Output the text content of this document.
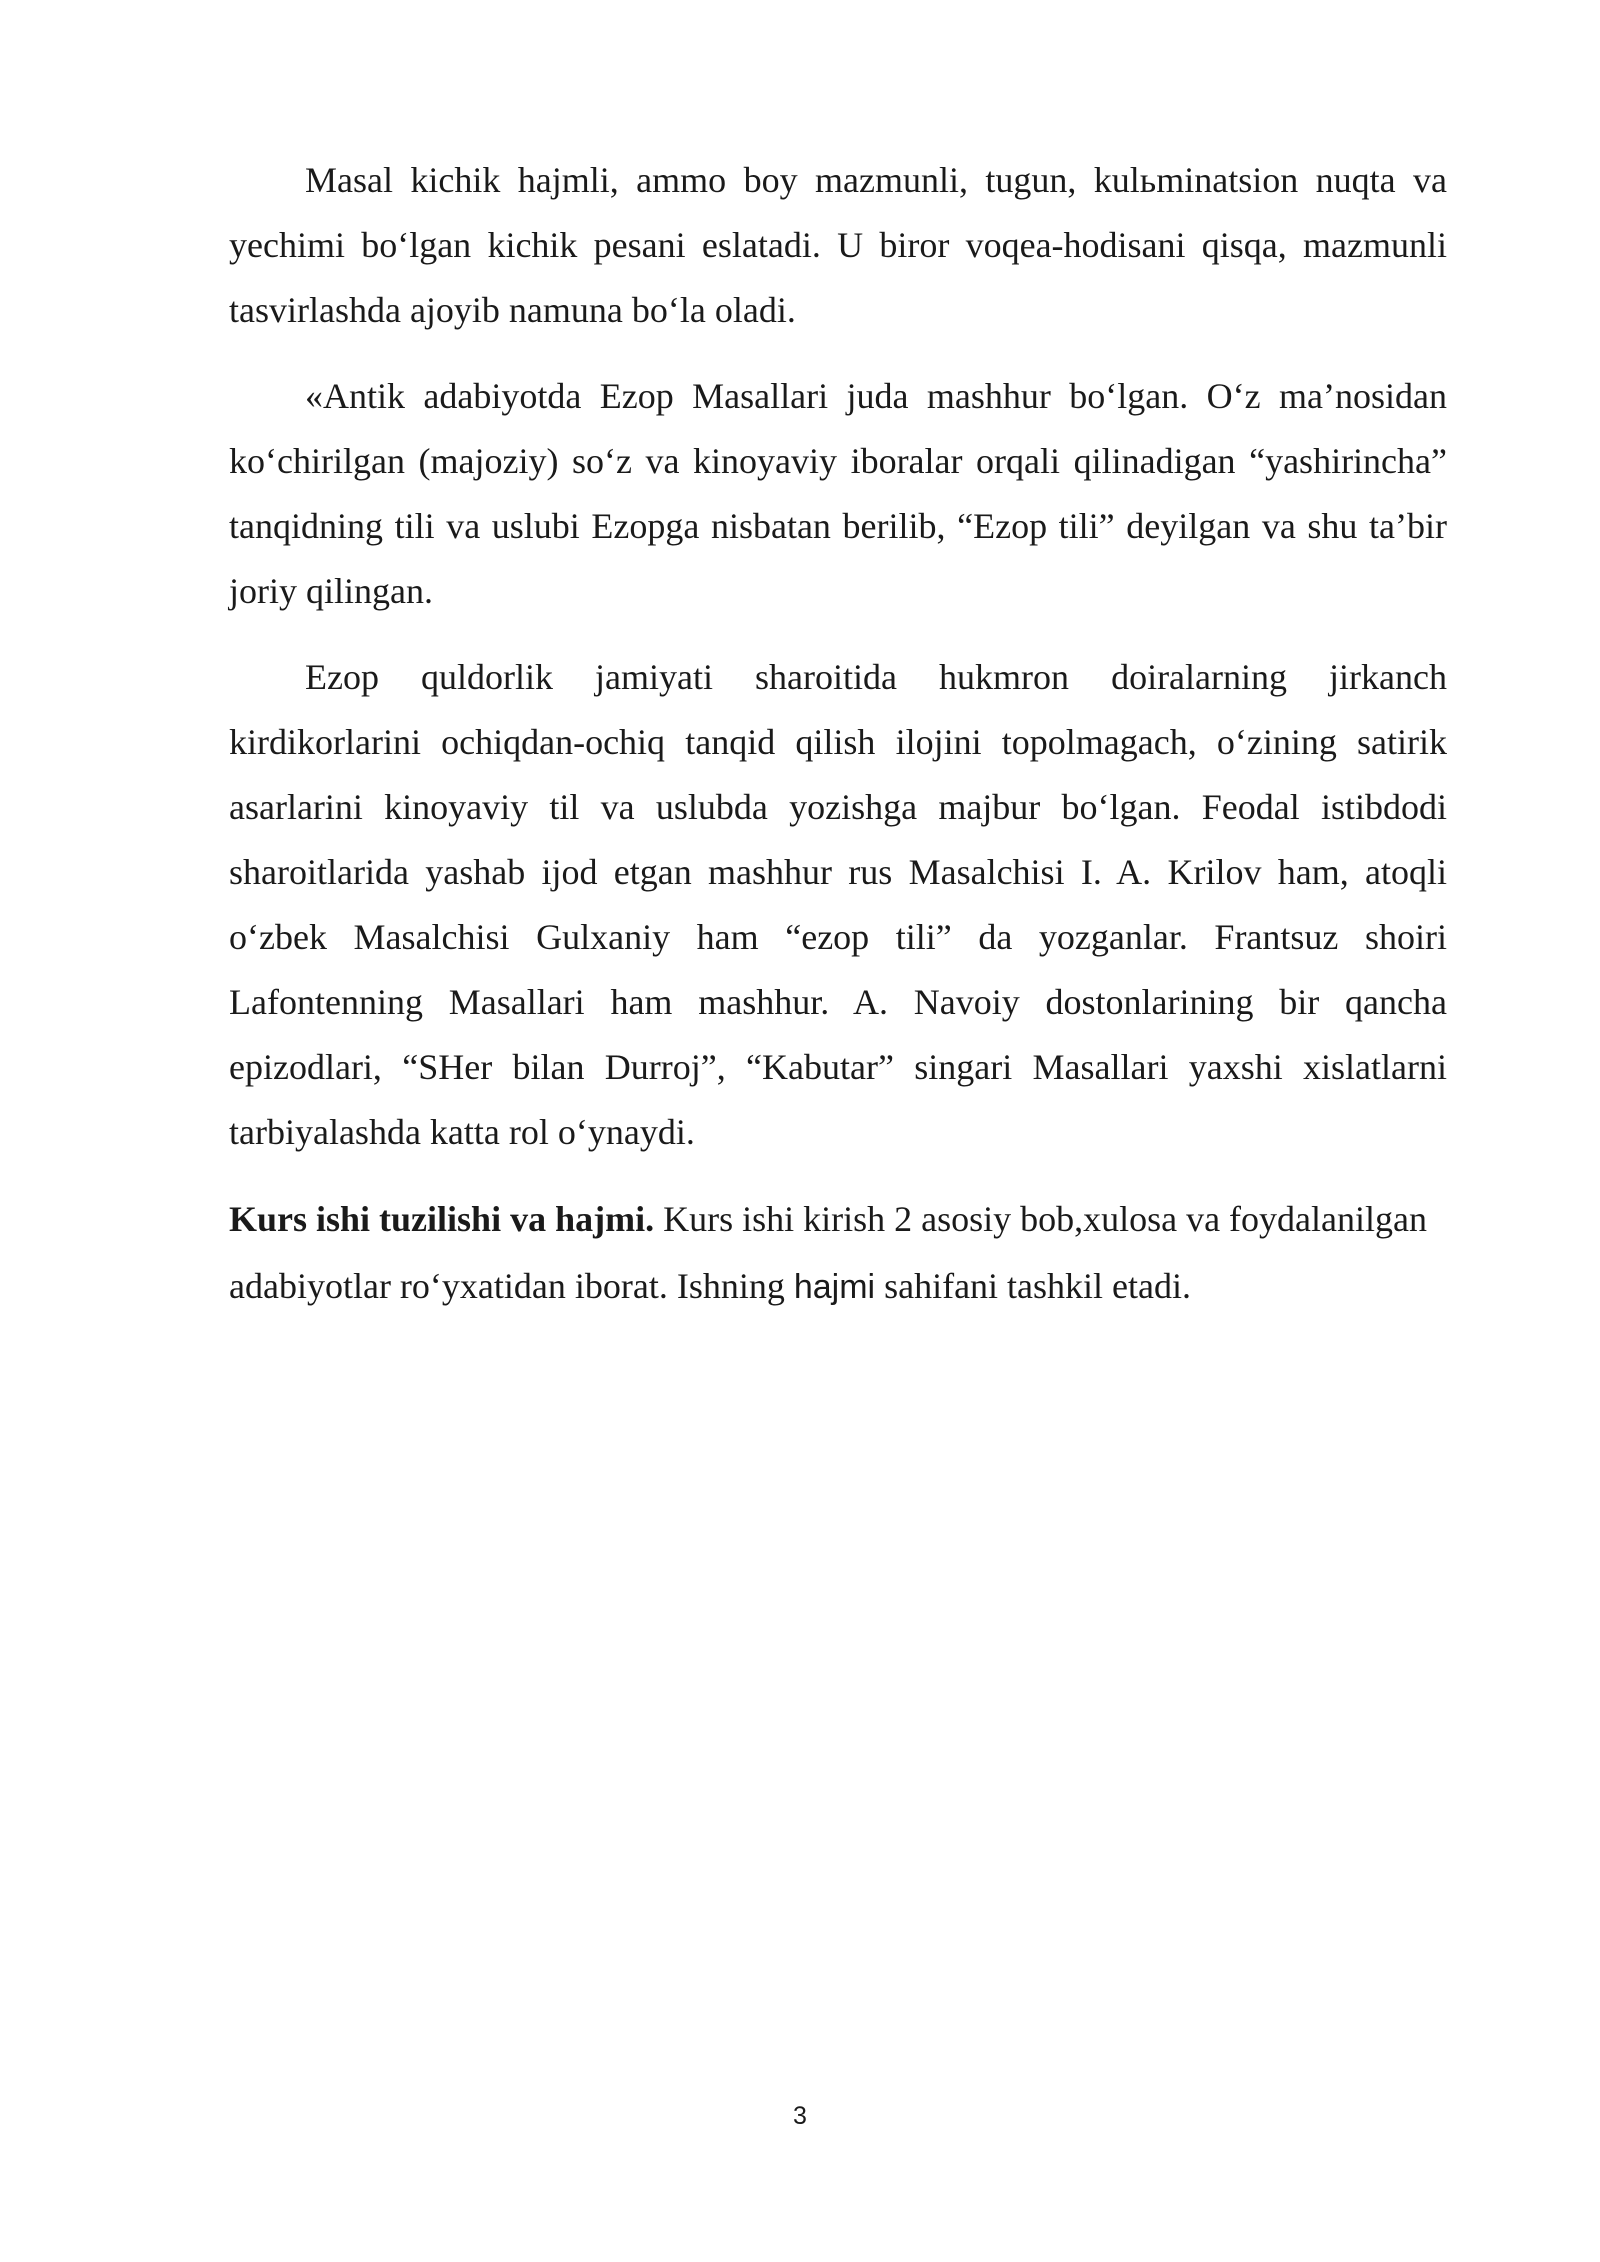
Masal kichik hajmli, ammo boy mazmunli, tugun, kulьminatsion nuqta va yechimi bo‘lgan kichik pesani eslatadi. U biror voqea-hodisani qisqa, mazmunli tasvirlashda ajoyib namuna bo‘la oladi.

«Antik adabiyotda Ezop Masallari juda mashhur bo‘lgan. O‘z ma’nosidan ko‘chirilgan (majoziy) so‘z va kinoyaviy iboralar orqali qilinadigan “yashirincha” tanqidning tili va uslubi Ezopga nisbatan berilib, “Ezop tili” deyilgan va shu ta’bir joriy qilingan.

Ezop quldorlik jamiyati sharoitida hukmron doiralarning jirkanch kirdikorlarini ochiqdan-ochiq tanqid qilish ilojini topolmagach, o‘zining satirik asarlarini kinoyaviy til va uslubda yozishga majbur bo‘lgan. Feodal istibdodi sharoitlarida yashab ijod etgan mashhur rus Masalchisi I. A. Krilov ham, atoqli o‘zbek Masalchisi Gulxaniy ham “ezop tili” da yozganlar. Frantsuz shoiri Lafontenning Masallari ham mashhur. A. Navoiy dostonlarining bir qancha epizodlari, “SHer bilan Durroj”, “Kabutar” singari Masallari yaxshi xislatlarni tarbiyalashda katta rol o‘ynaydi.

Kurs ishi tuzilishi va hajmi. Kurs ishi kirish 2 asosiy bob,xulosa va foydalanilgan adabiyotlar ro‘yxatidan iborat. Ishning hajmi sahifani tashkil etadi.

3
